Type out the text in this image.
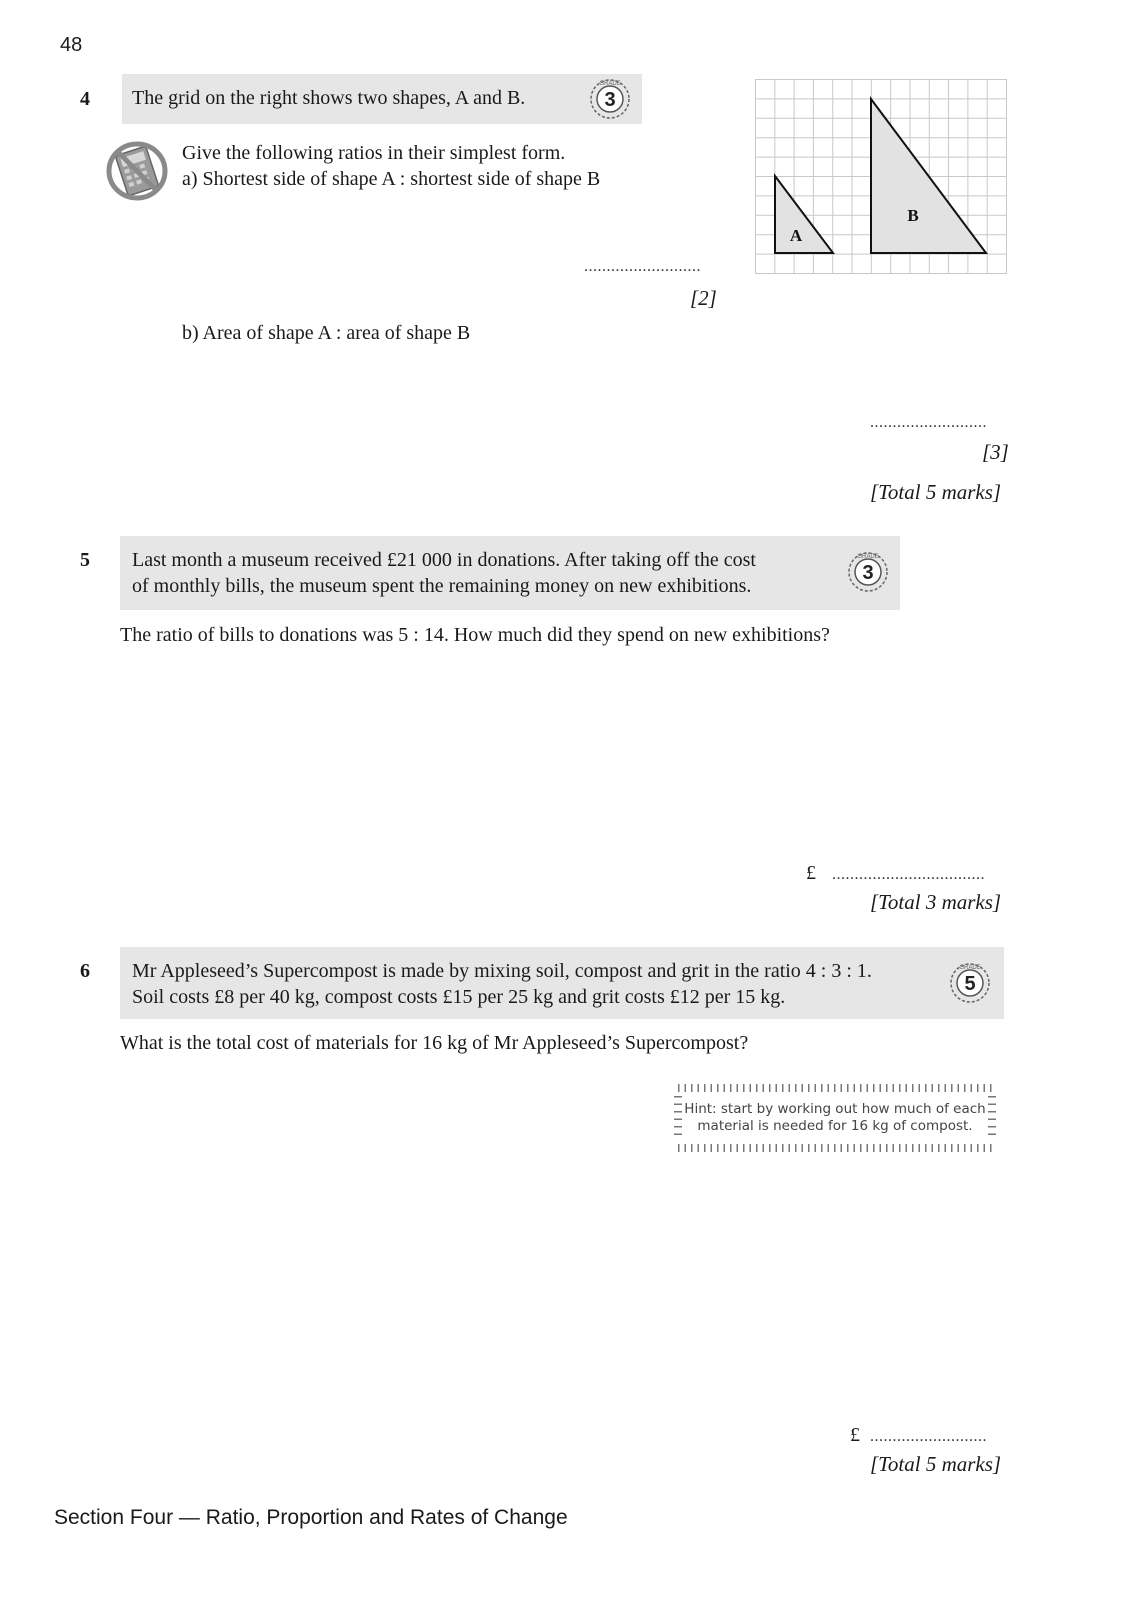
48
4 The grid on the right shows two shapes, A and B.	3
GRADE
Give the following ratios in their simplest form.
a) Shortest side of shape A : shortest side of shape B
..........................
[2]
A
B
b) Area of shape A : area of shape B
..........................
[3]
[Total 5 marks]
5 Last month a museum received £21 000 in donations. After taking off the cost
of monthly bills, the museum spent the remaining money on new exhibitions.
3
GRADE
The ratio of bills to donations was 5 : 14. How much did they spend on new exhibitions?
£ ..................................
[Total 3 marks]
6 Mr Appleseed’s Supercompost is made by mixing soil, compost and grit in the ratio 4 : 3 : 1.
Soil costs £8 per 40 kg, compost costs £15 per 25 kg and grit costs £12 per 15 kg.
5
GRADE
What is the total cost of materials for 16 kg of Mr Appleseed’s Supercompost?
Hint: start by working out how much of each
material is needed for 16 kg of compost.
£ ..........................
[Total 5 marks]
Section Four — Ratio, Proportion and Rates of Change
